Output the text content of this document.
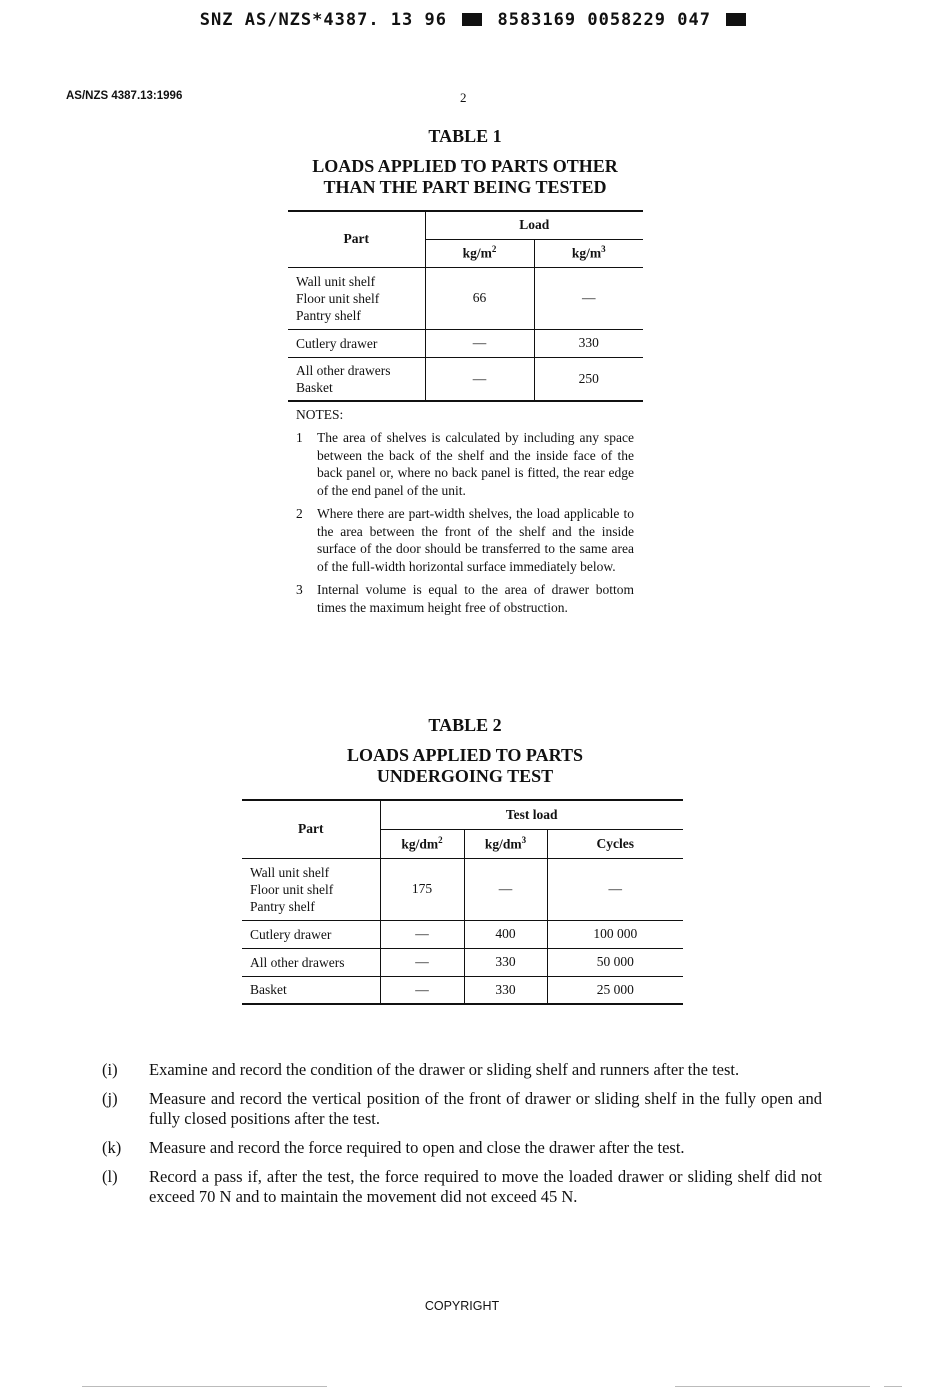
SNZ AS/NZS*4387. 13 96	8583169 0058229 047
AS/NZS 4387.13:1996	2
TABLE 1
LOADS APPLIED TO PARTS OTHER
THAN THE PART BEING TESTED
Part	Load	
	$kg/m^2$	$kg/m^3$

Wall unit shelf
Floor unit shelf
Pantry shelf	66	—

Cutlery drawer	—	330

All other drawers
Basket	—	250
NOTES:
1	The area of shelves is calculated by including any space between the back of the shelf and the inside face of the back panel or, where no back panel is fitted, the rear edge of the end panel of the unit.
2	Where there are part-width shelves, the load applicable to the area between the front of the shelf and the inside surface of the door should be transferred to the same area of the full-width horizontal surface immediately below.
3	Internal volume is equal to the area of drawer bottom times the maximum height free of obstruction.
TABLE 2
LOADS APPLIED TO PARTS
UNDERGOING TEST
Part	Test load		
	$kg/dm^2$	$kg/dm^3$	Cycles

Wall unit shelf
Floor unit shelf
Pantry shelf	175	—	—

Cutlery drawer	—	400	100 000

All other drawers	—	330	50 000

Basket	—	330	25 000
(i)	Examine and record the condition of the drawer or sliding shelf and runners after the test.
(j)	Measure and record the vertical position of the front of drawer or sliding shelf in the fully open and fully closed positions after the test.
(k)	Measure and record the force required to open and close the drawer after the test.
(l)	Record a pass if, after the test, the force required to move the loaded drawer or sliding shelf did not exceed 70 N and to maintain the movement did not exceed 45 N.
COPYRIGHT
